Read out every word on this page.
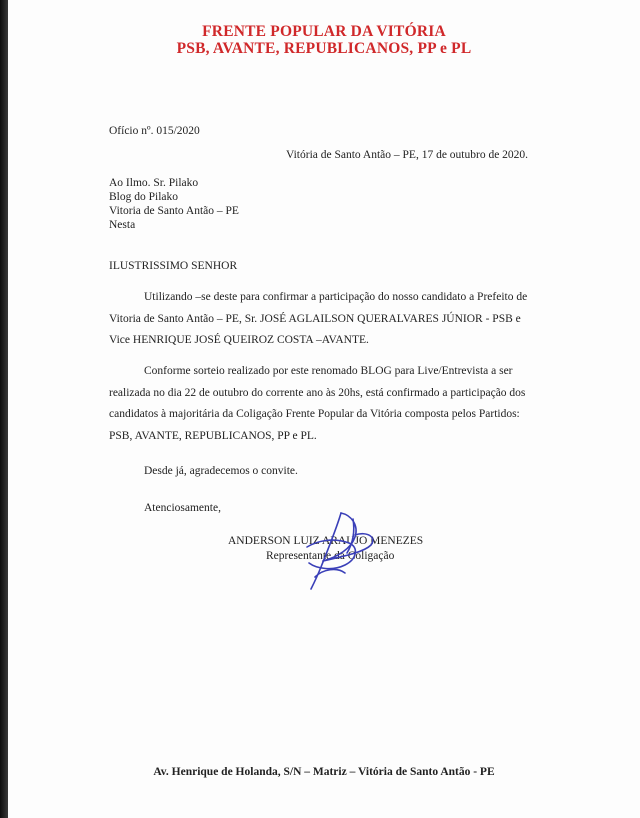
FRENTE POPULAR DA VITÓRIA
PSB, AVANTE, REPUBLICANOS, PP e PL
Ofício nº. 015/2020
Vitória de Santo Antão – PE, 17 de outubro de 2020.
Ao Ilmo. Sr. Pilako
Blog do Pilako
Vitoria de Santo Antão – PE
Nesta
ILUSTRISSIMO SENHOR
Utilizando –se deste para confirmar a participação do nosso candidato a Prefeito de
Vitoria de Santo Antão – PE, Sr. JOSÉ AGLAILSON QUERALVARES JÚNIOR - PSB e
Vice HENRIQUE JOSÉ QUEIROZ COSTA –AVANTE.
Conforme sorteio realizado por este renomado BLOG para Live/Entrevista a ser
realizada no dia 22 de outubro do corrente ano às 20hs, está confirmado a participação dos
candidatos à majoritária da Coligação Frente Popular da Vitória composta pelos Partidos:
PSB, AVANTE, REPUBLICANOS, PP e PL.
Desde já, agradecemos o convite.
Atenciosamente,
ANDERSON LUIZ ARAUJO MENEZES
Representante da Coligação
Av. Henrique de Holanda, S/N – Matriz – Vitória de Santo Antão - PE
